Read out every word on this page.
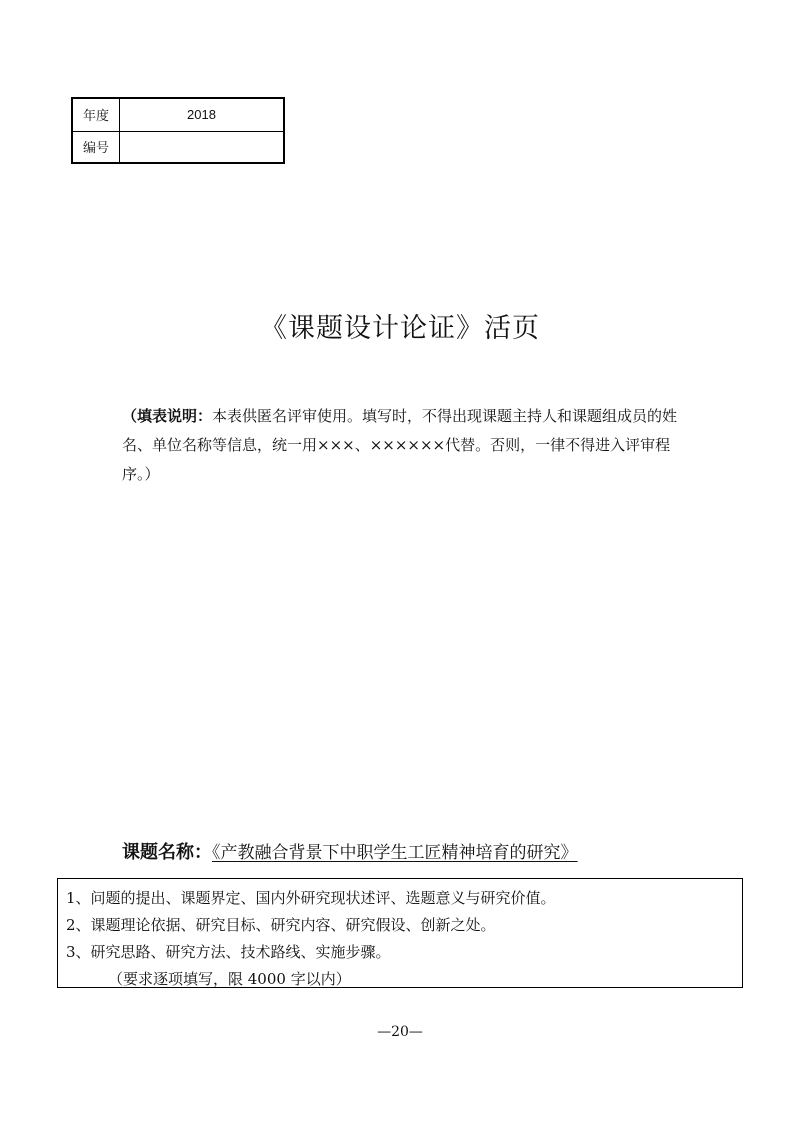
年度	2018
编号
《课题设计论证》活页
（填表说明：本表供匿名评审使用。填写时，不得出现课题主持人和课题组成员的姓名、单位名称等信息，统一用×××、××××××代替。否则，一律不得进入评审程序。）
课题名称：《产教融合背景下中职学生工匠精神培育的研究》
1、问题的提出、课题界定、国内外研究现状述评、选题意义与研究价值。
2、课题理论依据、研究目标、研究内容、研究假设、创新之处。
3、研究思路、研究方法、技术路线、实施步骤。
（要求逐项填写，限 4000 字以内）
—20—
